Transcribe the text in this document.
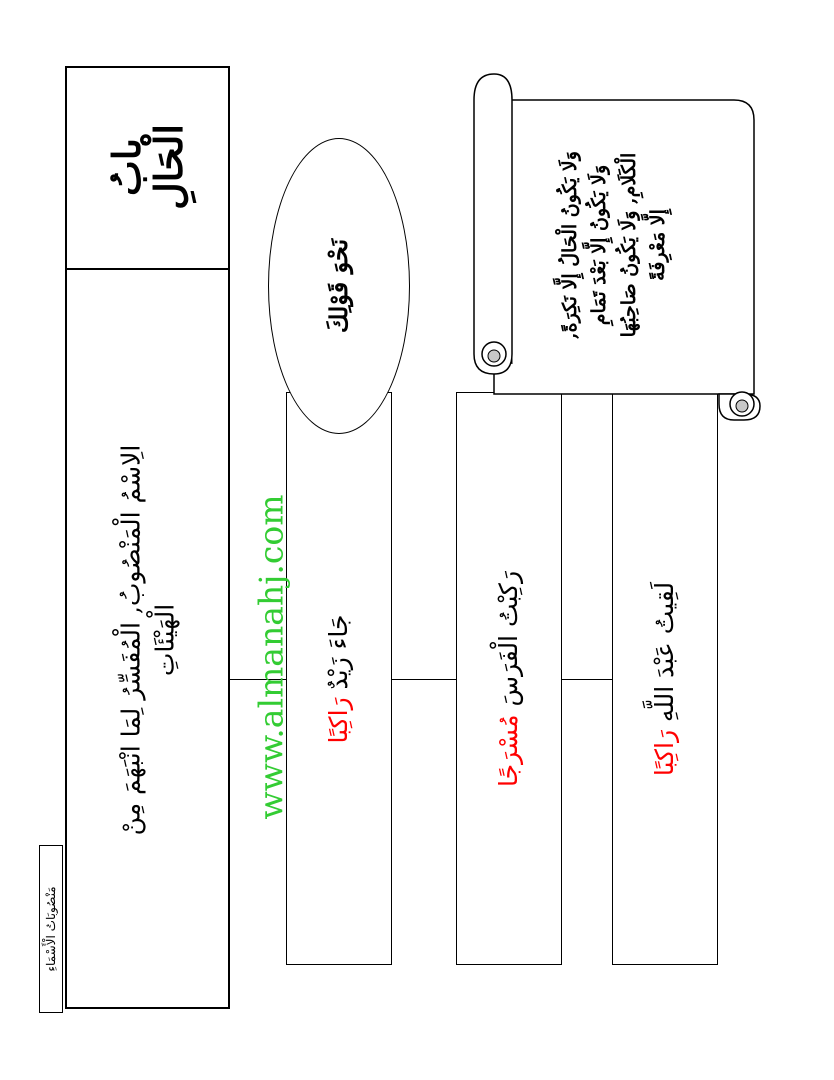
بابُ
الْحَالِ
الِاسْمُ الْمَنْصُوبُ, الْمُفَسِّرُ لِمَا انْبَهَمَ مِنْ الْهَيْئَاتِ
مَنْصُوبَاتُ الْأَسْمَاءِ
جَاءَ زَيْدٌ رَاكِبًا
رَكِبْتُ الْفَرَسَ مُسْرَجًا
لَقِيتُ عَبْدَ اللَّهِ رَاكِبًا
نَحْوَ قَوْلِكَ	وَلَا يَكُونُ الْحَالُ إِلَّا نَكِرَةً, وَلَا يَكُونُ إِلَّا بَعْدَ تَمَامِ الْكَلَامِ, وَلَا يَكُونُ صَاحِبُهَا إِلَّا مَعْرِفَةً
www.almanahj.com
